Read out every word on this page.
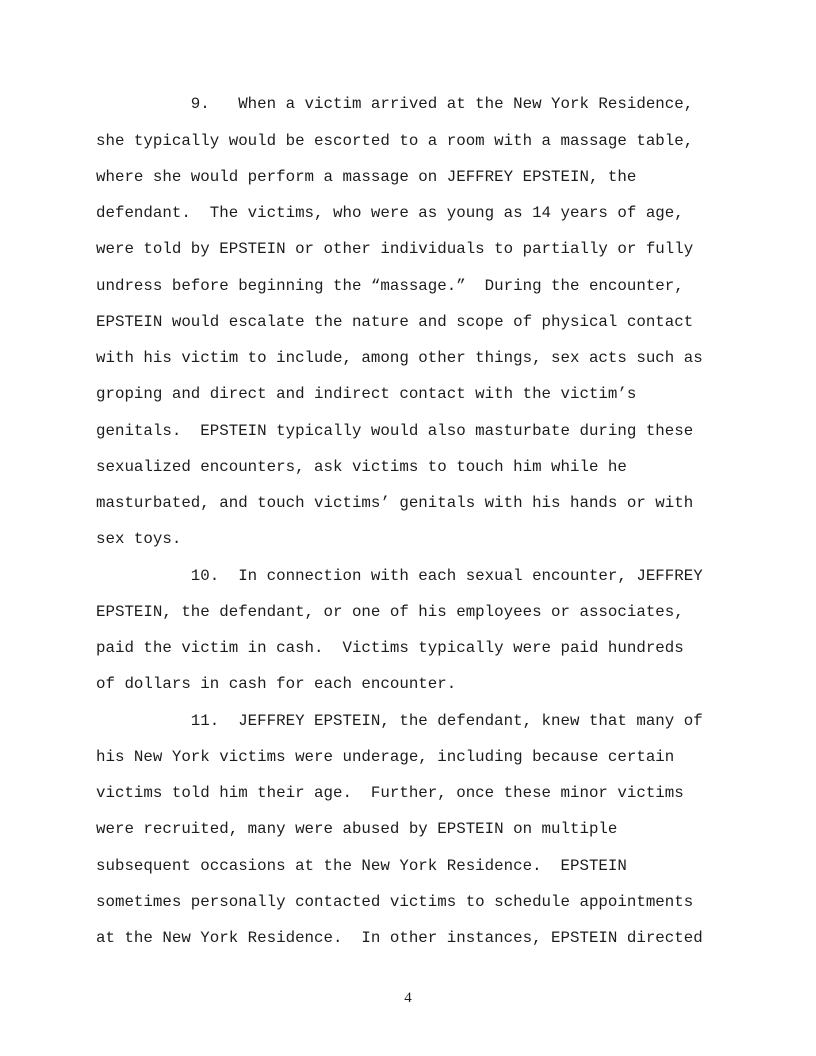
9.   When a victim arrived at the New York Residence,

she typically would be escorted to a room with a massage table,

where she would perform a massage on JEFFREY EPSTEIN, the

defendant.  The victims, who were as young as 14 years of age,

were told by EPSTEIN or other individuals to partially or fully

undress before beginning the “massage.”  During the encounter,

EPSTEIN would escalate the nature and scope of physical contact

with his victim to include, among other things, sex acts such as

groping and direct and indirect contact with the victim’s

genitals.  EPSTEIN typically would also masturbate during these

sexualized encounters, ask victims to touch him while he

masturbated, and touch victims’ genitals with his hands or with

sex toys.

10.  In connection with each sexual encounter, JEFFREY

EPSTEIN, the defendant, or one of his employees or associates,

paid the victim in cash.  Victims typically were paid hundreds

of dollars in cash for each encounter.

11.  JEFFREY EPSTEIN, the defendant, knew that many of

his New York victims were underage, including because certain

victims told him their age.  Further, once these minor victims

were recruited, many were abused by EPSTEIN on multiple

subsequent occasions at the New York Residence.  EPSTEIN

sometimes personally contacted victims to schedule appointments

at the New York Residence.  In other instances, EPSTEIN directed

4
